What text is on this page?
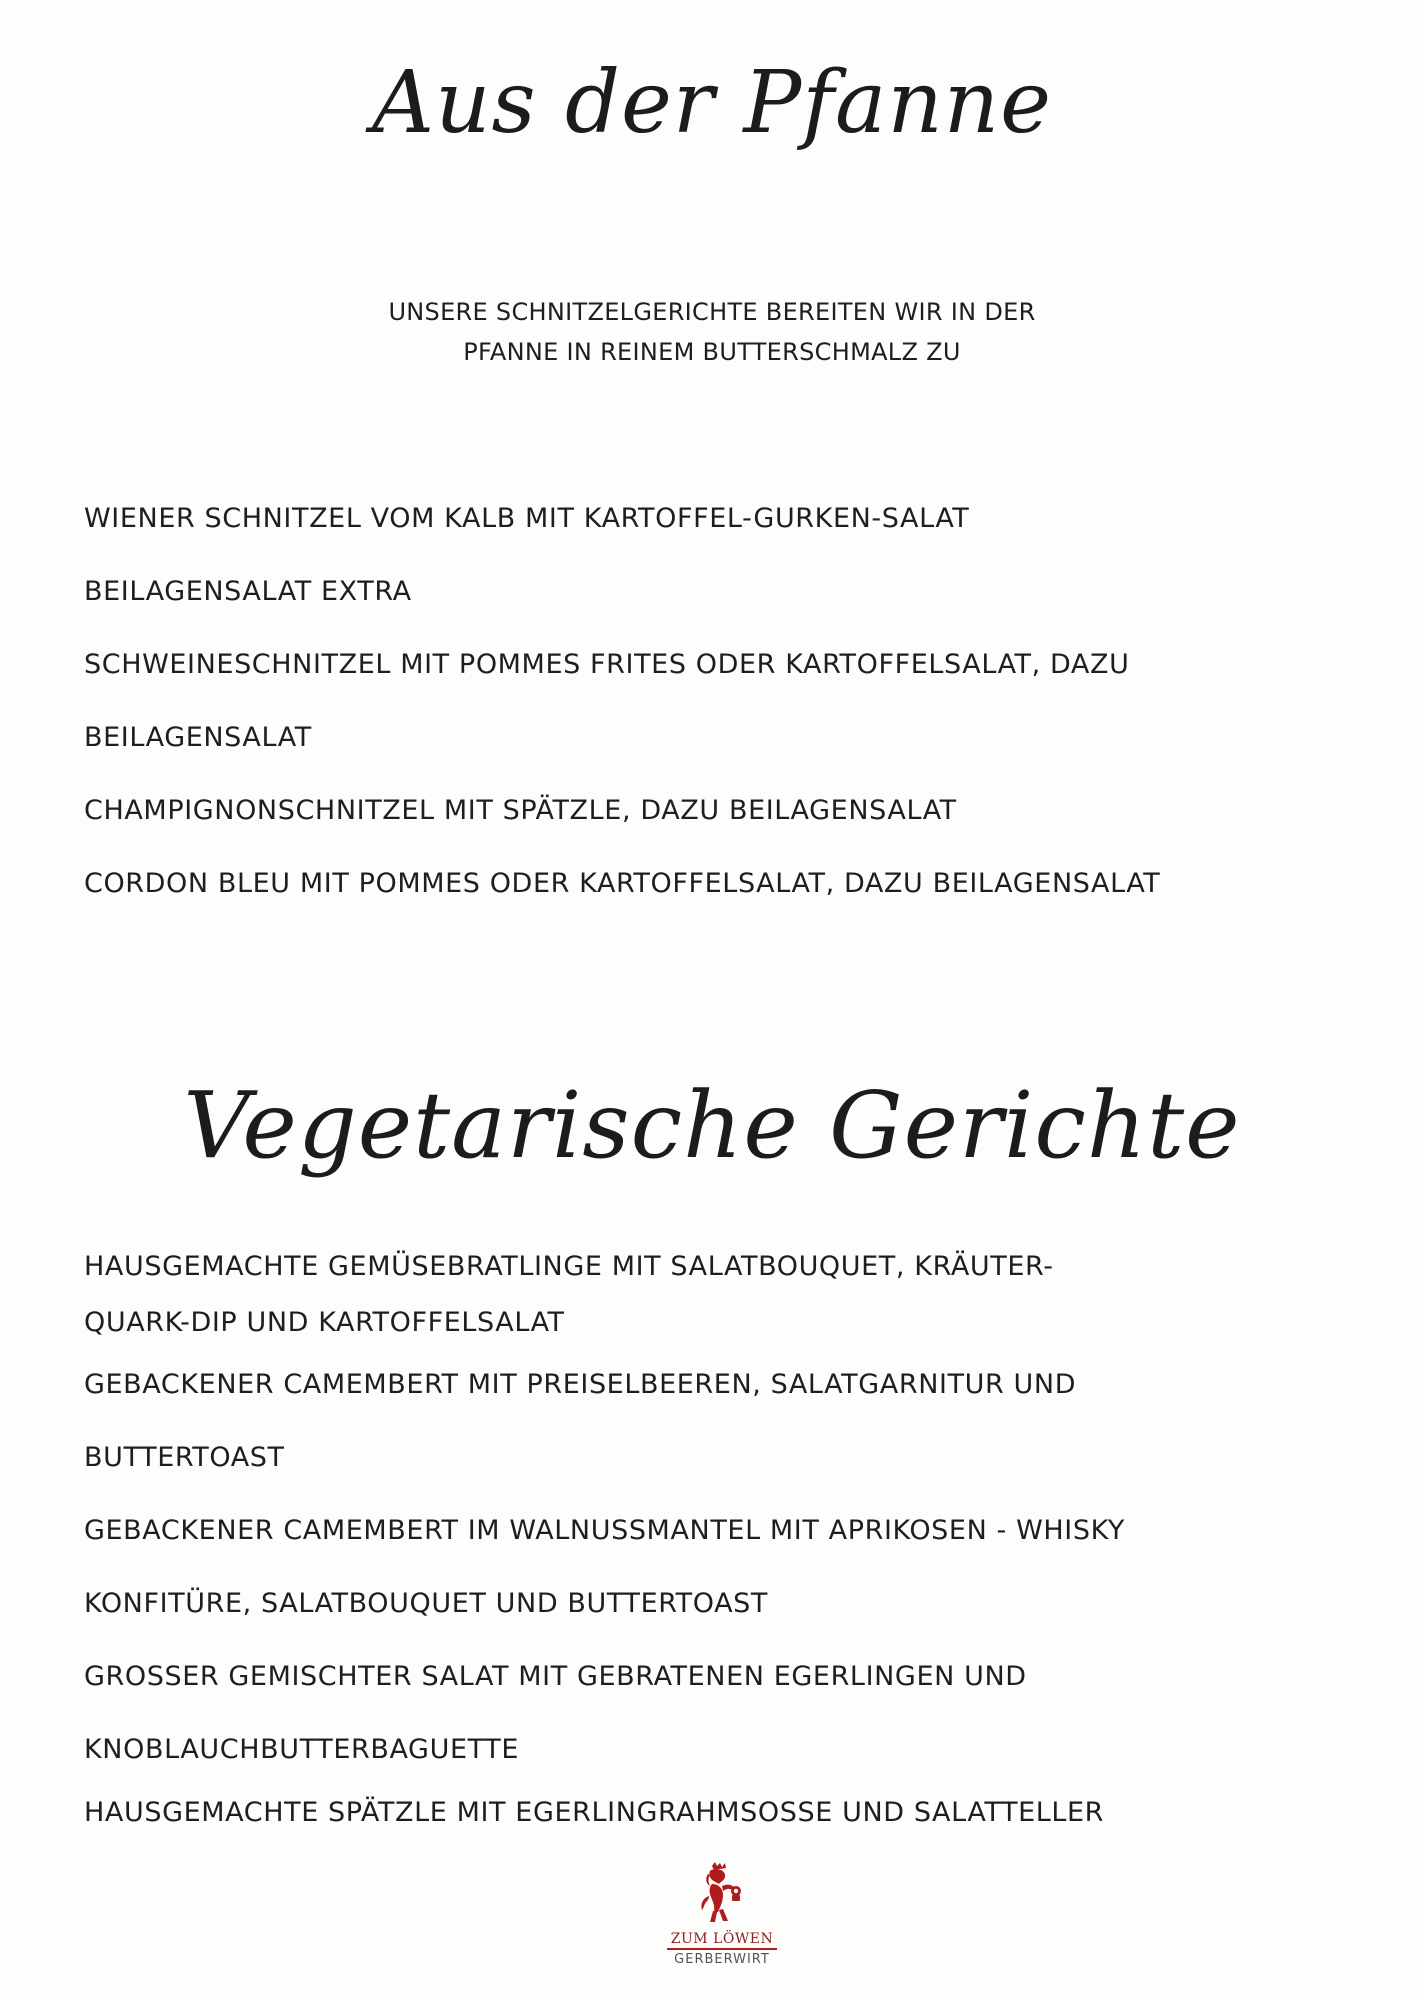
Aus der Pfanne
UNSERE SCHNITZELGERICHTE BEREITEN WIR IN DER
PFANNE IN REINEM BUTTERSCHMALZ ZU
WIENER SCHNITZEL VOM KALB MIT KARTOFFEL-GURKEN-SALAT
BEILAGENSALAT EXTRA
SCHWEINESCHNITZEL MIT POMMES FRITES ODER KARTOFFELSALAT, DAZU
BEILAGENSALAT
CHAMPIGNONSCHNITZEL MIT SPÄTZLE, DAZU BEILAGENSALAT
CORDON BLEU MIT POMMES ODER KARTOFFELSALAT, DAZU BEILAGENSALAT
Vegetarische Gerichte
HAUSGEMACHTE GEMÜSEBRATLINGE MIT SALATBOUQUET, KRÄUTER-
QUARK-DIP UND KARTOFFELSALAT
GEBACKENER CAMEMBERT MIT PREISELBEEREN, SALATGARNITUR UND
BUTTERTOAST
GEBACKENER CAMEMBERT IM WALNUSSMANTEL MIT APRIKOSEN - WHISKY
KONFITÜRE, SALATBOUQUET UND BUTTERTOAST
GROSSER GEMISCHTER SALAT MIT GEBRATENEN EGERLINGEN UND
KNOBLAUCHBUTTERBAGUETTE
HAUSGEMACHTE SPÄTZLE MIT EGERLINGRAHMSOSSE UND SALATTELLER
ZUM LÖWEN
GERBERWIRT
